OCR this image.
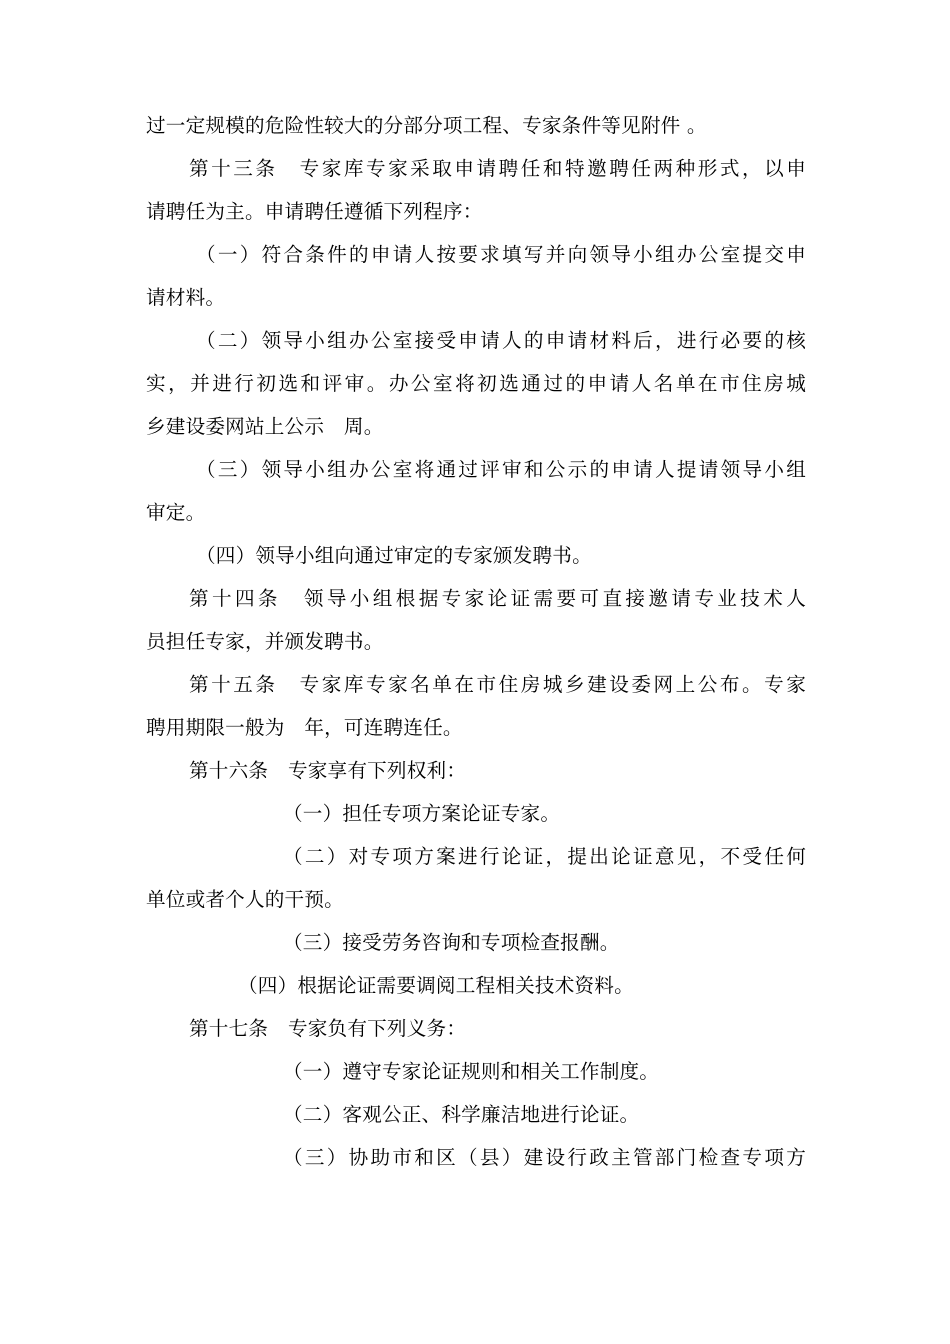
过一定规模的危险性较大的分部分项工程、专家条件等见附件 。
第十三条　专家库专家采取申请聘任和特邀聘任两种形式，以申
请聘任为主。申请聘任遵循下列程序：
（一）符合条件的申请人按要求填写并向领导小组办公室提交申
请材料。
（二）领导小组办公室接受申请人的申请材料后，进行必要的核
实，并进行初选和评审。办公室将初选通过的申请人名单在市住房城
乡建设委网站上公示　周。
（三）领导小组办公室将通过评审和公示的申请人提请领导小组
审定。
（四）领导小组向通过审定的专家颁发聘书。
第十四条　领导小组根据专家论证需要可直接邀请专业技术人
员担任专家，并颁发聘书。
第十五条　专家库专家名单在市住房城乡建设委网上公布。专家
聘用期限一般为　年，可连聘连任。
第十六条　专家享有下列权利：
（一）担任专项方案论证专家。
（二）对专项方案进行论证，提出论证意见，不受任何
单位或者个人的干预。
（三）接受劳务咨询和专项检查报酬。
（四）根据论证需要调阅工程相关技术资料。
第十七条　专家负有下列义务：
（一）遵守专家论证规则和相关工作制度。
（二）客观公正、科学廉洁地进行论证。
（三）协助市和区（县）建设行政主管部门检查专项方
